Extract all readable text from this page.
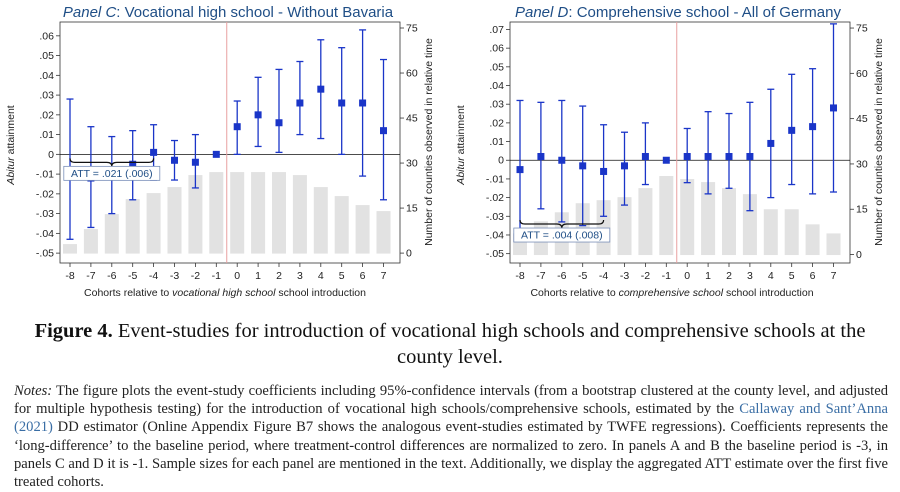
Panel C: Vocational high school - Without Bavaria
Cohorts relative to vocational high school school introduction
Abitur attainment	Number of counties observed in relative time
-.05
-.04
-.03
-.02
-.01
0
.01
.02
.03
.04
.05
.06
0
15
30
45
60
75
-8 -7 -6 -5 -4 -3 -2 -1 0 1 2 3 4 5 6 7
ATT = .021 (.006)
Panel D: Comprehensive school - All of Germany
Cohorts relative to comprehensive school school introduction
Abitur attainment	Number of counties observed in relative time
-.05
-.04
-.03
-.02
-.01
0
.01
.02
.03
.04
.05
.06
.07
0
15
30
45
60
75
-8 -7 -6 -5 -4 -3 -2 -1 0 1 2 3 4 5 6 7
ATT = .004 (.008)
Figure 4. Event-studies for introduction of vocational high schools and comprehensive schools at the county level.
Notes: The figure plots the event-study coefficients including 95%-confidence intervals (from a bootstrap clustered at the county level, and adjusted for multiple hypothesis testing) for the introduction of vocational high schools/comprehensive schools, estimated by the Callaway and Sant’Anna (2021) DD estimator (Online Appendix Figure B7 shows the analogous event-studies estimated by TWFE regressions). Coefficients represents the ‘long-difference’ to the baseline period, where treatment-control differences are normalized to zero. In panels A and B the baseline period is -3, in panels C and D it is -1. Sample sizes for each panel are mentioned in the text. Additionally, we display the aggregated ATT estimate over the first five treated cohorts.
